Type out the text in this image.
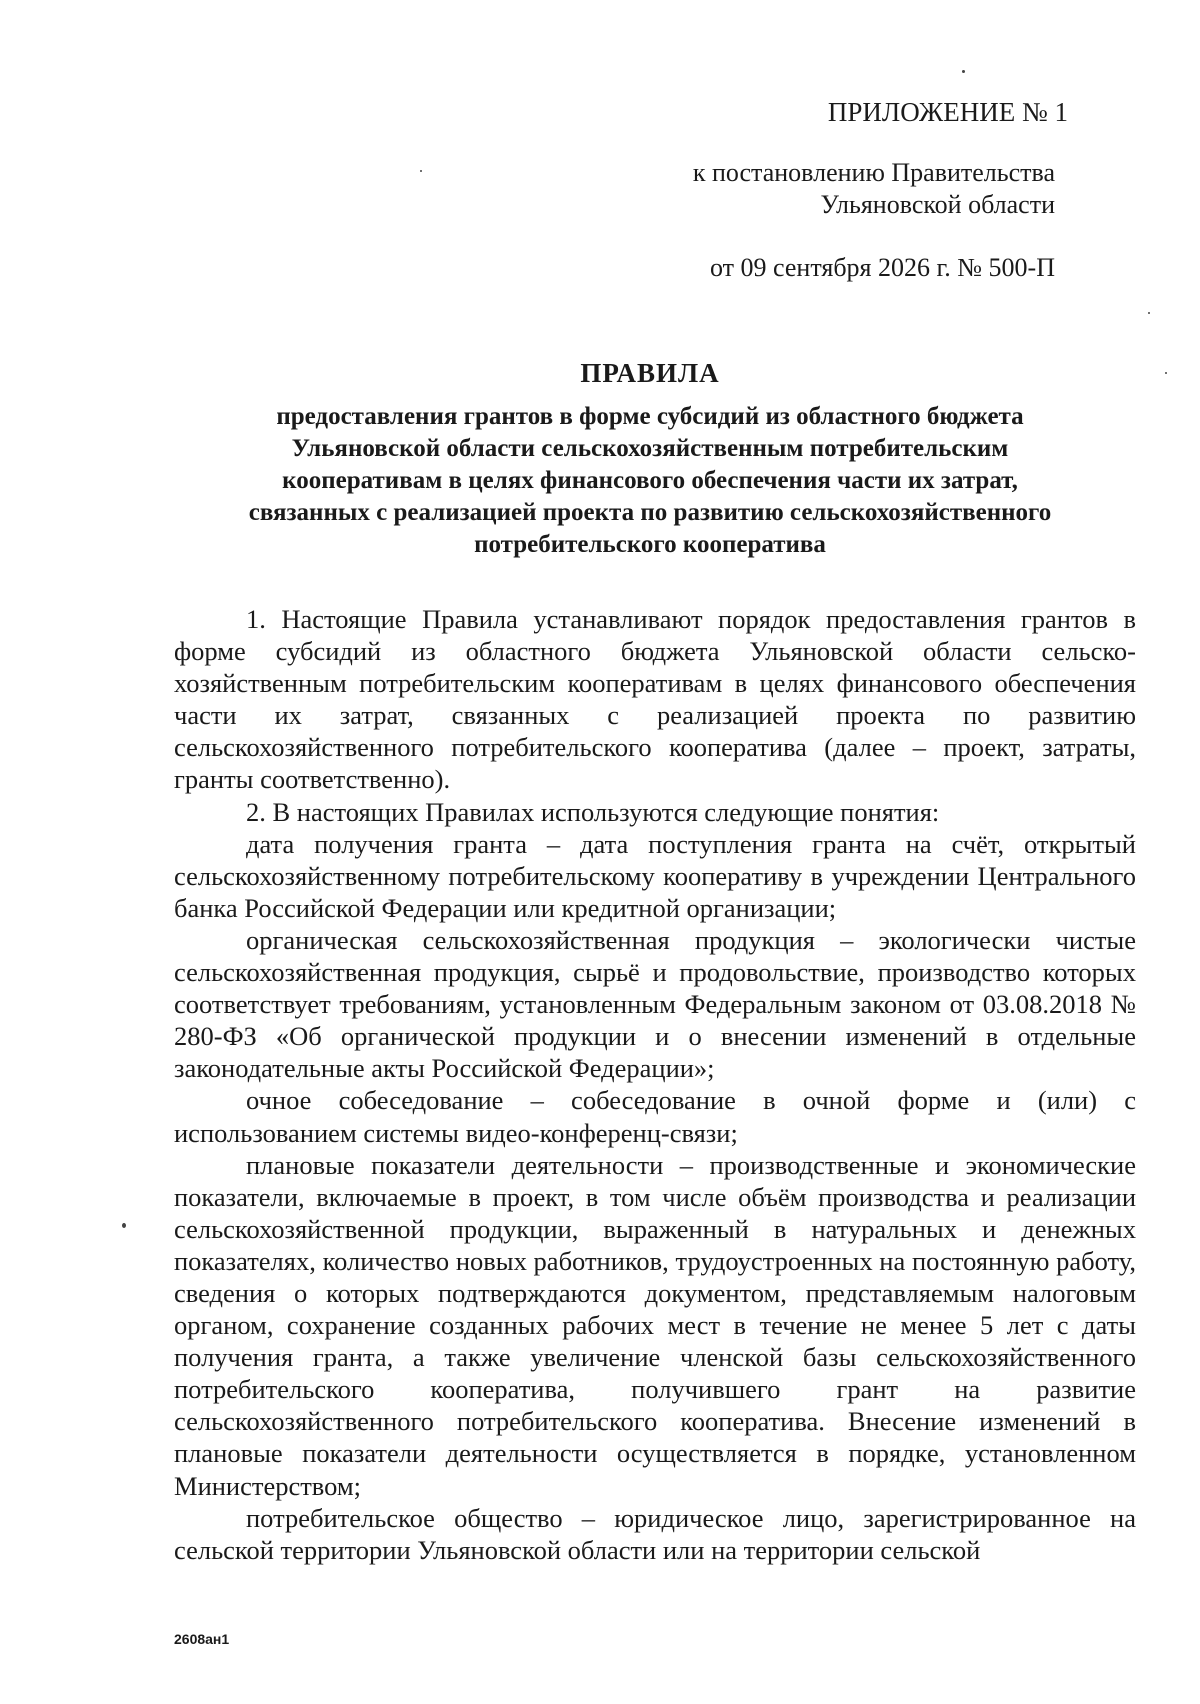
ПРИЛОЖЕНИЕ № 1
к постановлению Правительства
Ульяновской области
от 09 сентября 2026 г. № 500-П
ПРАВИЛА
предоставления грантов в форме субсидий из областного бюджета
Ульяновской области сельскохозяйственным потребительским
кооперативам в целях финансового обеспечения части их затрат,
связанных с реализацией проекта по развитию сельскохозяйственного
потребительского кооператива

1. Настоящие Правила устанавливают порядок предоставления грантов в форме субсидий из областного бюджета Ульяновской области сельско-хозяйственным потребительским кооперативам в целях финансового обеспечения части их затрат, связанных с реализацией проекта по развитию сельскохозяйственного потребительского кооператива (далее – проект, затраты, гранты соответственно).

2. В настоящих Правилах используются следующие понятия:

дата получения гранта – дата поступления гранта на счёт, открытый сельскохозяйственному потребительскому кооперативу в учреждении Центрального банка Российской Федерации или кредитной организации;

органическая сельскохозяйственная продукция – экологически чистые сельскохозяйственная продукция, сырьё и продовольствие, производство которых соответствует требованиям, установленным Федеральным законом от 03.08.2018 № 280-ФЗ «Об органической продукции и о внесении изменений в отдельные законодательные акты Российской Федерации»;

очное собеседование – собеседование в очной форме и (или) с использованием системы видео-конференц-связи;

плановые показатели деятельности – производственные и экономические показатели, включаемые в проект, в том числе объём производства и реализации сельскохозяйственной продукции, выраженный в натуральных и денежных показателях, количество новых работников, трудоустроенных на постоянную работу, сведения о которых подтверждаются документом, представляемым налоговым органом, сохранение созданных рабочих мест в течение не менее 5 лет с даты получения гранта, а также увеличение членской базы сельскохозяйственного потребительского кооператива, получившего грант на развитие сельскохозяйственного потребительского кооператива. Внесение изменений в плановые показатели деятельности осуществляется в порядке, установленном Министерством;

потребительское общество – юридическое лицо, зарегистрированное на сельской территории Ульяновской области или на территории сельской

2608ан1
